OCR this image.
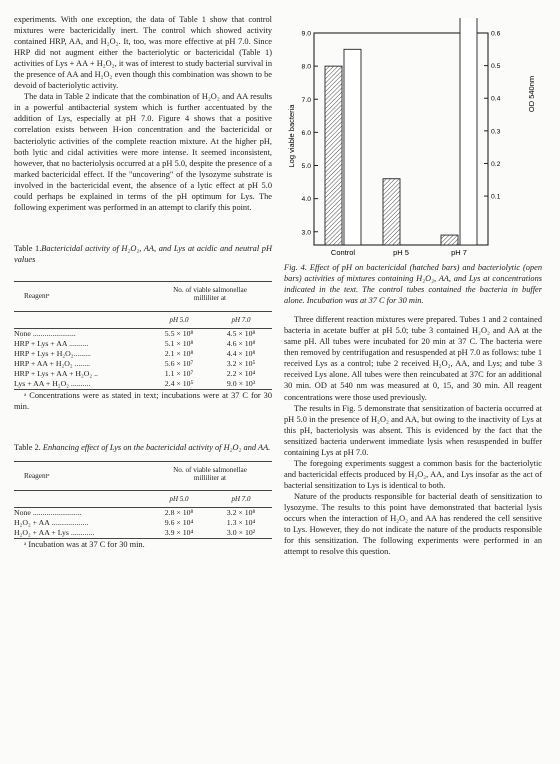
experiments. With one exception, the data of Table 1 show that control mixtures were bactericidally inert. The control which showed activity contained HRP, AA, and H₂O₂. It, too, was more effective at pH 7.0. Since HRP did not augment either the bacteriolytic or bactericidal (Table 1) activities of Lys + AA + H₂O₂, it was of interest to study bacterial survival in the presence of AA and H₂O₂ even though this combination was shown to be devoid of bacteriolytic activity.

The data in Table 2 indicate that the combination of H₂O₂ and AA results in a powerful antibacterial system which is further accentuated by the addition of Lys, especially at pH 7.0. Figure 4 shows that a positive correlation exists between H-ion concentration and the bactericidal or bacteriolytic activities of the complete reaction mixture. At the higher pH, both lytic and cidal activities were more intense. It seemed inconsistent, however, that no bacteriolysis occurred at a pH 5.0, despite the presence of a marked bactericidal effect. If the "uncovering" of the lysozyme substrate is involved in the bactericidal event, the absence of a lytic effect at pH 5.0 could perhaps be explained in terms of the pH optimum for Lys. The following experiment was performed in an attempt to clarify this point.

Table 1.Bactericidal activity of H₂O₂, AA, and Lys at acidic and neutral pH values

Reagentᵃ	No. of viable salmonellae milliliter at	

	pH 5.0	pH 7.0
None ......................	5.5 × 10⁸	4.5 × 10⁸
HRP + Lys + AA ..........	5.1 × 10⁸	4.6 × 10⁸
HRP + Lys + H₂O₂.........	2.1 × 10⁸	4.4 × 10⁸
HRP + AA + H₂O₂ ........	5.6 × 10⁷	3.2 × 10⁵
HRP + Lys + AA + H₂O₂ ..	1.1 × 10⁷	2.2 × 10⁴
Lys + AA + H₂O₂ ..........	2.4 × 10⁵	9.0 × 10³

ᵃ Concentrations were as stated in text; incubations were at 37 C for 30 min.

Table 2. Enhancing effect of Lys on the bactericidal activity of H₂O₂ and AA.

Reagentᵃ	No. of viable salmonellae milliliter at	

	pH 5.0	pH 7.0
None .........................	2.8 × 10⁸	3.2 × 10⁸
H₂O₂ + AA ...................	9.6 × 10⁴	1.3 × 10⁴
H₂O₂ + AA + Lys ............	3.9 × 10⁴	3.0 × 10²

ᵃ Incubation was at 37 C for 30 min.

3.0
4.0
5.0
6.0
7.0
8.0
9.0
0.1
0.2
0.3
0.4
0.5
0.6
Control	pH 5	pH 7
Log viable bacteria
OD 540nm

Fig. 4. Effect of pH on bactericidal (hatched bars) and bacteriolytic (open bars) activities of mixtures containing H₂O₂, AA, and Lys at concentrations indicated in the text. The control tubes contained the bacteria in buffer alone. Incubation was at 37 C for 30 min.

Three different reaction mixtures were prepared. Tubes 1 and 2 contained bacteria in acetate buffer at pH 5.0; tube 3 contained H₂O₂ and AA at the same pH. All tubes were incubated for 20 min at 37 C. The bacteria were then removed by centrifugation and resuspended at pH 7.0 as follows: tube 1 received Lys as a control; tube 2 received H₂O₂, AA, and Lys; and tube 3 received Lys alone. All tubes were then reincubated at 37C for an additional 30 min. OD at 540 nm was measured at 0, 15, and 30 min. All reagent concentrations were those used previously.

The results in Fig. 5 demonstrate that sensitization of bacteria occurred at pH 5.0 in the presence of H₂O₂ and AA, but owing to the inactivity of Lys at this pH, bacteriolysis was absent. This is evidenced by the fact that the sensitized bacteria underwent immediate lysis when resuspended in buffer containing Lys at pH 7.0.

The foregoing experiments suggest a common basis for the bacteriolytic and bactericidal effects produced by H₂O₂, AA, and Lys insofar as the act of bacterial sensitization to Lys is identical to both.

Nature of the products responsible for bacterial death of sensitization to lysozyme. The results to this point have demonstrated that bacterial lysis occurs when the interaction of H₂O₂ and AA has rendered the cell sensitive to Lys. However, they do not indicate the nature of the products responsible for this sensitization. The following experiments were performed in an attempt to resolve this question.
